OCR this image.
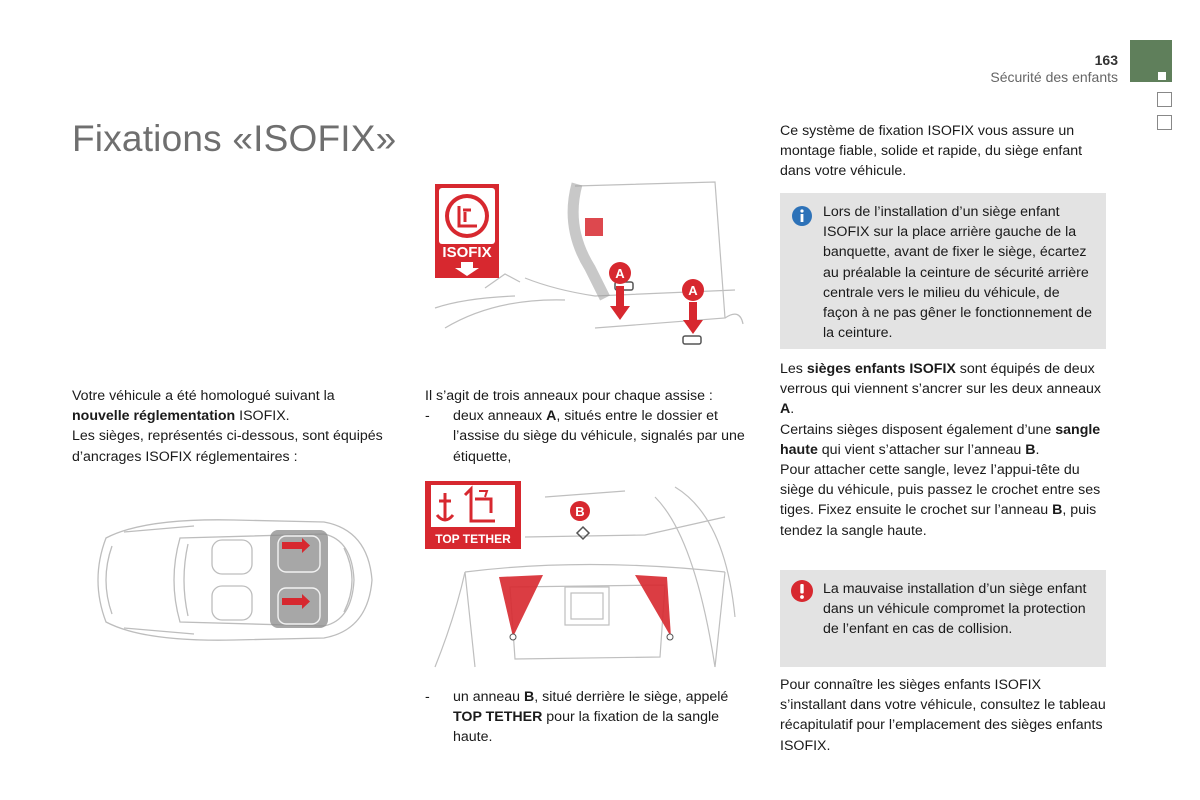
163
Sécurité des enfants
Fixations «ISOFIX»

Votre véhicule a été homologué suivant la
nouvelle réglementation ISOFIX.

Les sièges, représentés ci-dessous, sont équipés d’ancrages ISOFIX réglementaires :

ISOFIX
A
A

Il s’agit de trois anneaux pour chaque assise :

- deux anneaux A, situés entre le dossier et l’assise du siège du véhicule, signalés par une étiquette,
TOP TETHER
B
- un anneau B, situé derrière le siège, appelé TOP TETHER pour la fixation de la sangle haute.
Ce système de fixation ISOFIX vous assure un montage fiable, solide et rapide, du siège enfant dans votre véhicule.
Lors de l’installation d’un siège enfant ISOFIX sur la place arrière gauche de la banquette, avant de fixer le siège, écartez au préalable la ceinture de sécurité arrière centrale vers le milieu du véhicule, de façon à ne pas gêner le fonctionnement de la ceinture.

Les sièges enfants ISOFIX sont équipés de deux verrous qui viennent s’ancrer sur les deux anneaux A.

Certains sièges disposent également d’une sangle haute qui vient s’attacher sur l’anneau B.

Pour attacher cette sangle, levez l’appui-tête du siège du véhicule, puis passez le crochet entre ses tiges. Fixez ensuite le crochet sur l’anneau B, puis tendez la sangle haute.

La mauvaise installation d’un siège enfant dans un véhicule compromet la protection de l’enfant en cas de collision.
Pour connaître les sièges enfants ISOFIX s’installant dans votre véhicule, consultez le tableau récapitulatif pour l’emplacement des sièges enfants ISOFIX.
